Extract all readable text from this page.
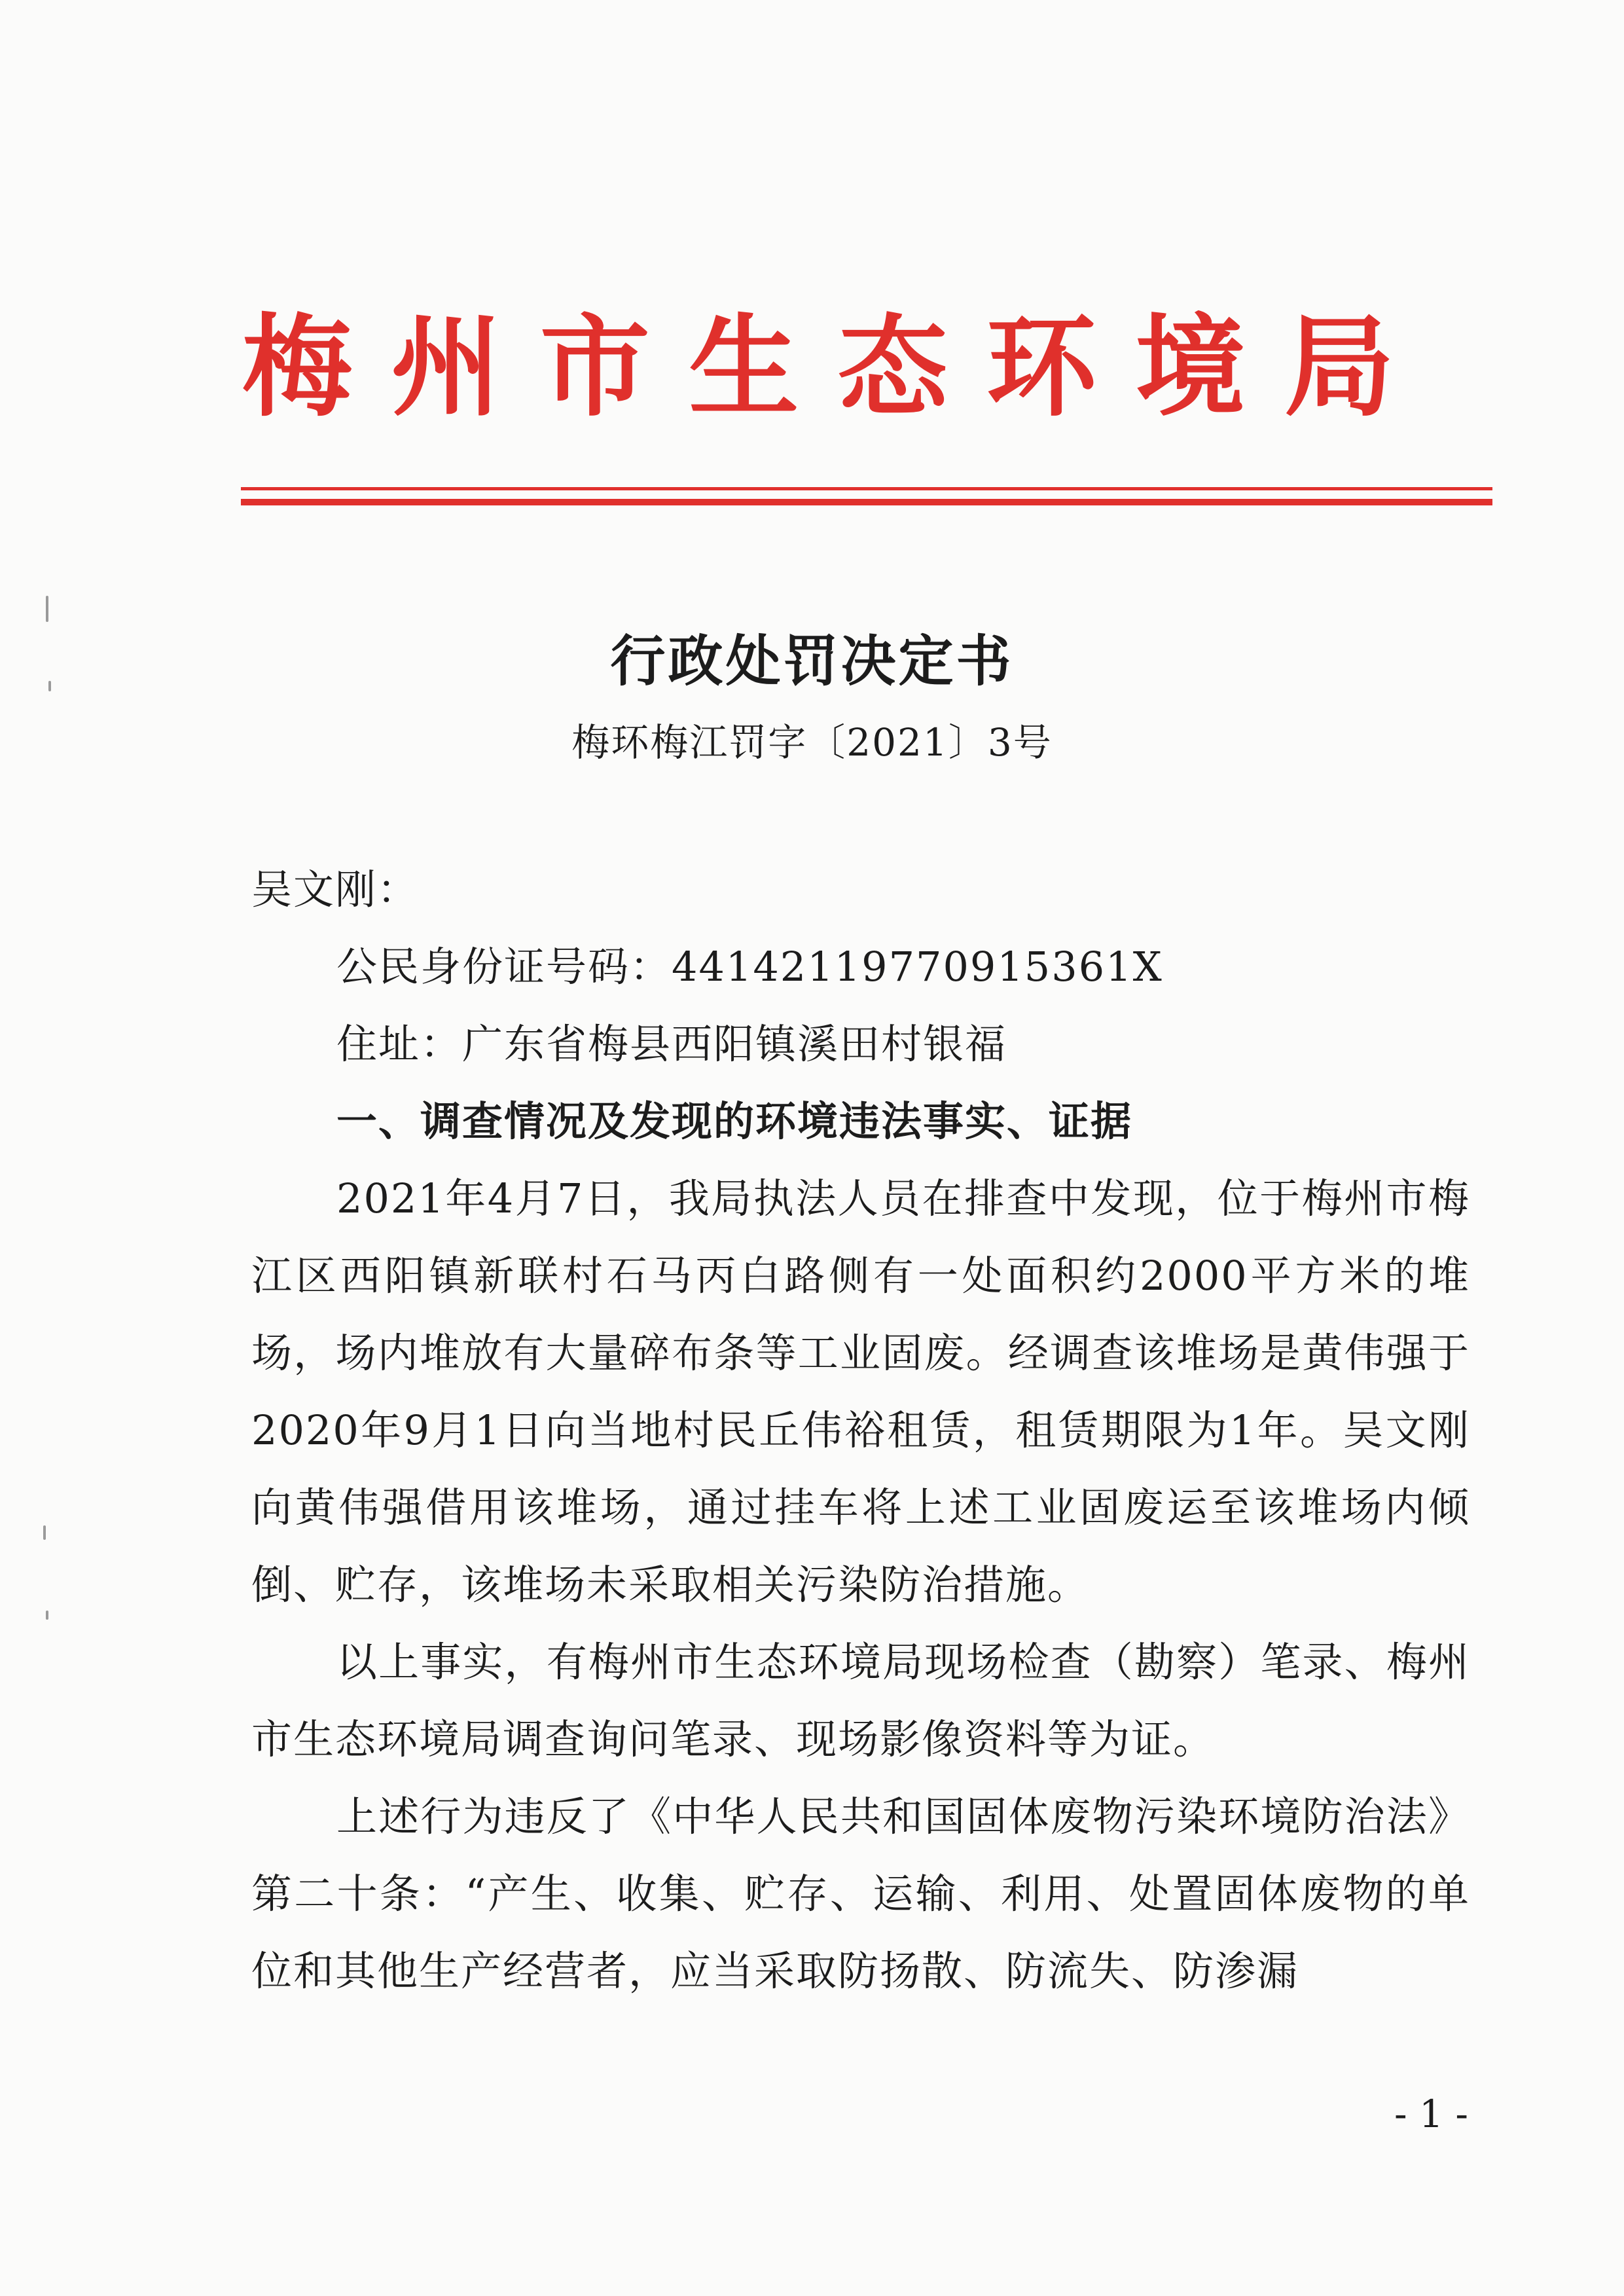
梅 州 市 生 态 环 境 局
行政处罚决定书
梅环梅江罚字〔2021〕3号

吴文刚：

公民身份证号码：44142119770915361X

住址：广东省梅县西阳镇溪田村银福

一、调查情况及发现的环境违法事实、证据

2021年4月7日，我局执法人员在排查中发现，位于梅州市梅江区西阳镇新联村石马丙白路侧有一处面积约2000平方米的堆场，场内堆放有大量碎布条等工业固废。经调查该堆场是黄伟强于2020年9月1日向当地村民丘伟裕租赁，租赁期限为1年。吴文刚向黄伟强借用该堆场，通过挂车将上述工业固废运至该堆场内倾倒、贮存，该堆场未采取相关污染防治措施。

以上事实，有梅州市生态环境局现场检查（勘察）笔录、梅州市生态环境局调查询问笔录、现场影像资料等为证。

上述行为违反了《中华人民共和国固体废物污染环境防治法》第二十条：“产生、收集、贮存、运输、利用、处置固体废物的单位和其他生产经营者，应当采取防扬散、防流失、防渗漏

- 1 -
